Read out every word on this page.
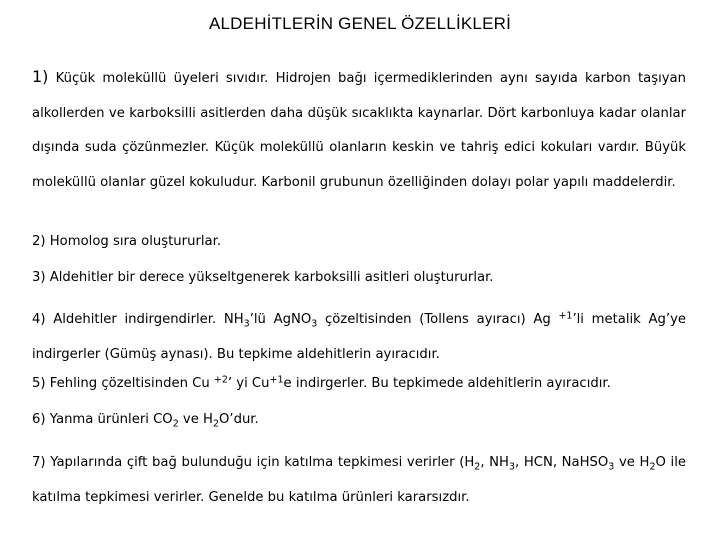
ALDEHİTLERİN GENEL ÖZELLİKLERİ
1) Küçük moleküllü üyeleri sıvıdır. Hidrojen bağı içermediklerinden aynı sayıda karbon taşıyan alkollerden ve karboksilli asitlerden daha düşük sıcaklıkta kaynarlar. Dört karbonluya kadar olanlar dışında suda çözünmezler. Küçük moleküllü olanların keskin ve tahriş edici kokuları vardır. Büyük moleküllü olanlar güzel kokuludur. Karbonil grubunun özelliğinden dolayı polar yapılı maddelerdir.
2) Homolog sıra oluştururlar.
3) Aldehitler bir derece yükseltgenerek karboksilli asitleri oluştururlar.
4) Aldehitler indirgendirler. $NH_3’lü$ AgNO$_3$ çözeltisinden (Tollens ayıracı) Ag $^{+1}$’li metalik Ag’ye indirgerler (Gümüş aynası). Bu tepkime aldehitlerin ayıracıdır.
5) Fehling çözeltisinden Cu $^{+2}$’ yi $Cu^{+1}e$ indirgerler. Bu tepkimede aldehitlerin ayıracıdır.
6) Yanma ürünleri $CO_2$ ve $H_2O’dur$.
7) Yapılarında çift bağ bulunduğu için katılma tepkimesi verirler ($H_2$, $NH_3$, HCN, NaHSO$_3$ ve $H_2O$ ile katılma tepkimesi verirler. Genelde bu katılma ürünleri kararsızdır.
